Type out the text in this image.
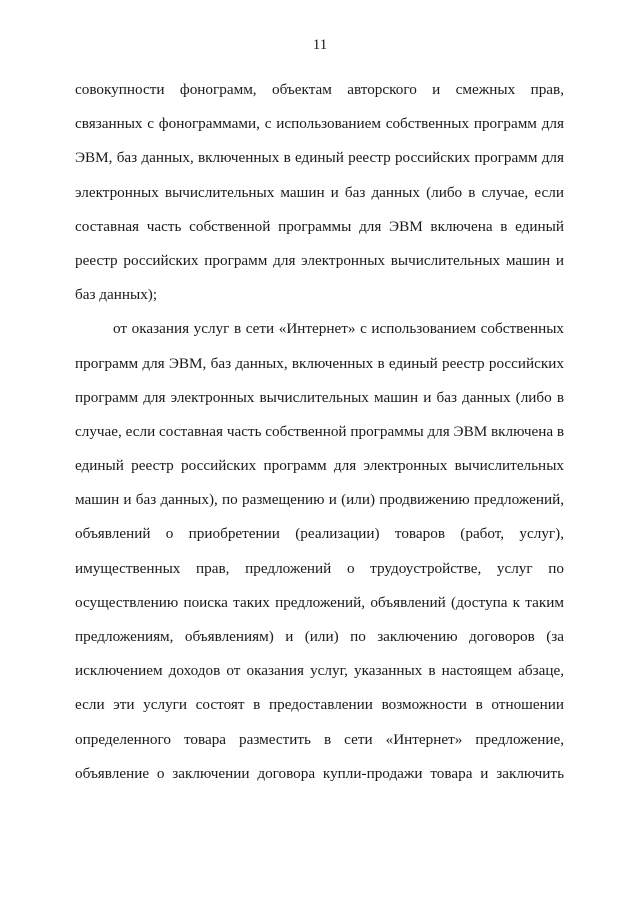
11
совокупности фонограмм, объектам авторского и смежных прав,
связанных с фонограммами, с использованием собственных программ для
ЭВМ, баз данных, включенных в единый реестр российских программ для
электронных вычислительных машин и баз данных (либо в случае, если
составная часть собственной программы для ЭВМ включена в единый
реестр российских программ для электронных вычислительных машин и
баз данных);
от оказания услуг в сети «Интернет» с использованием собственных
программ для ЭВМ, баз данных, включенных в единый реестр российских
программ для электронных вычислительных машин и баз данных (либо в
случае, если составная часть собственной программы для ЭВМ включена в
единый реестр российских программ для электронных вычислительных
машин и баз данных), по размещению и (или) продвижению предложений,
объявлений о приобретении (реализации) товаров (работ, услуг),
имущественных прав, предложений о трудоустройстве, услуг по
осуществлению поиска таких предложений, объявлений (доступа к таким
предложениям, объявлениям) и (или) по заключению договоров (за
исключением доходов от оказания услуг, указанных в настоящем абзаце,
если эти услуги состоят в предоставлении возможности в отношении
определенного товара разместить в сети «Интернет» предложение,
объявление о заключении договора купли-продажи товара и заключить
